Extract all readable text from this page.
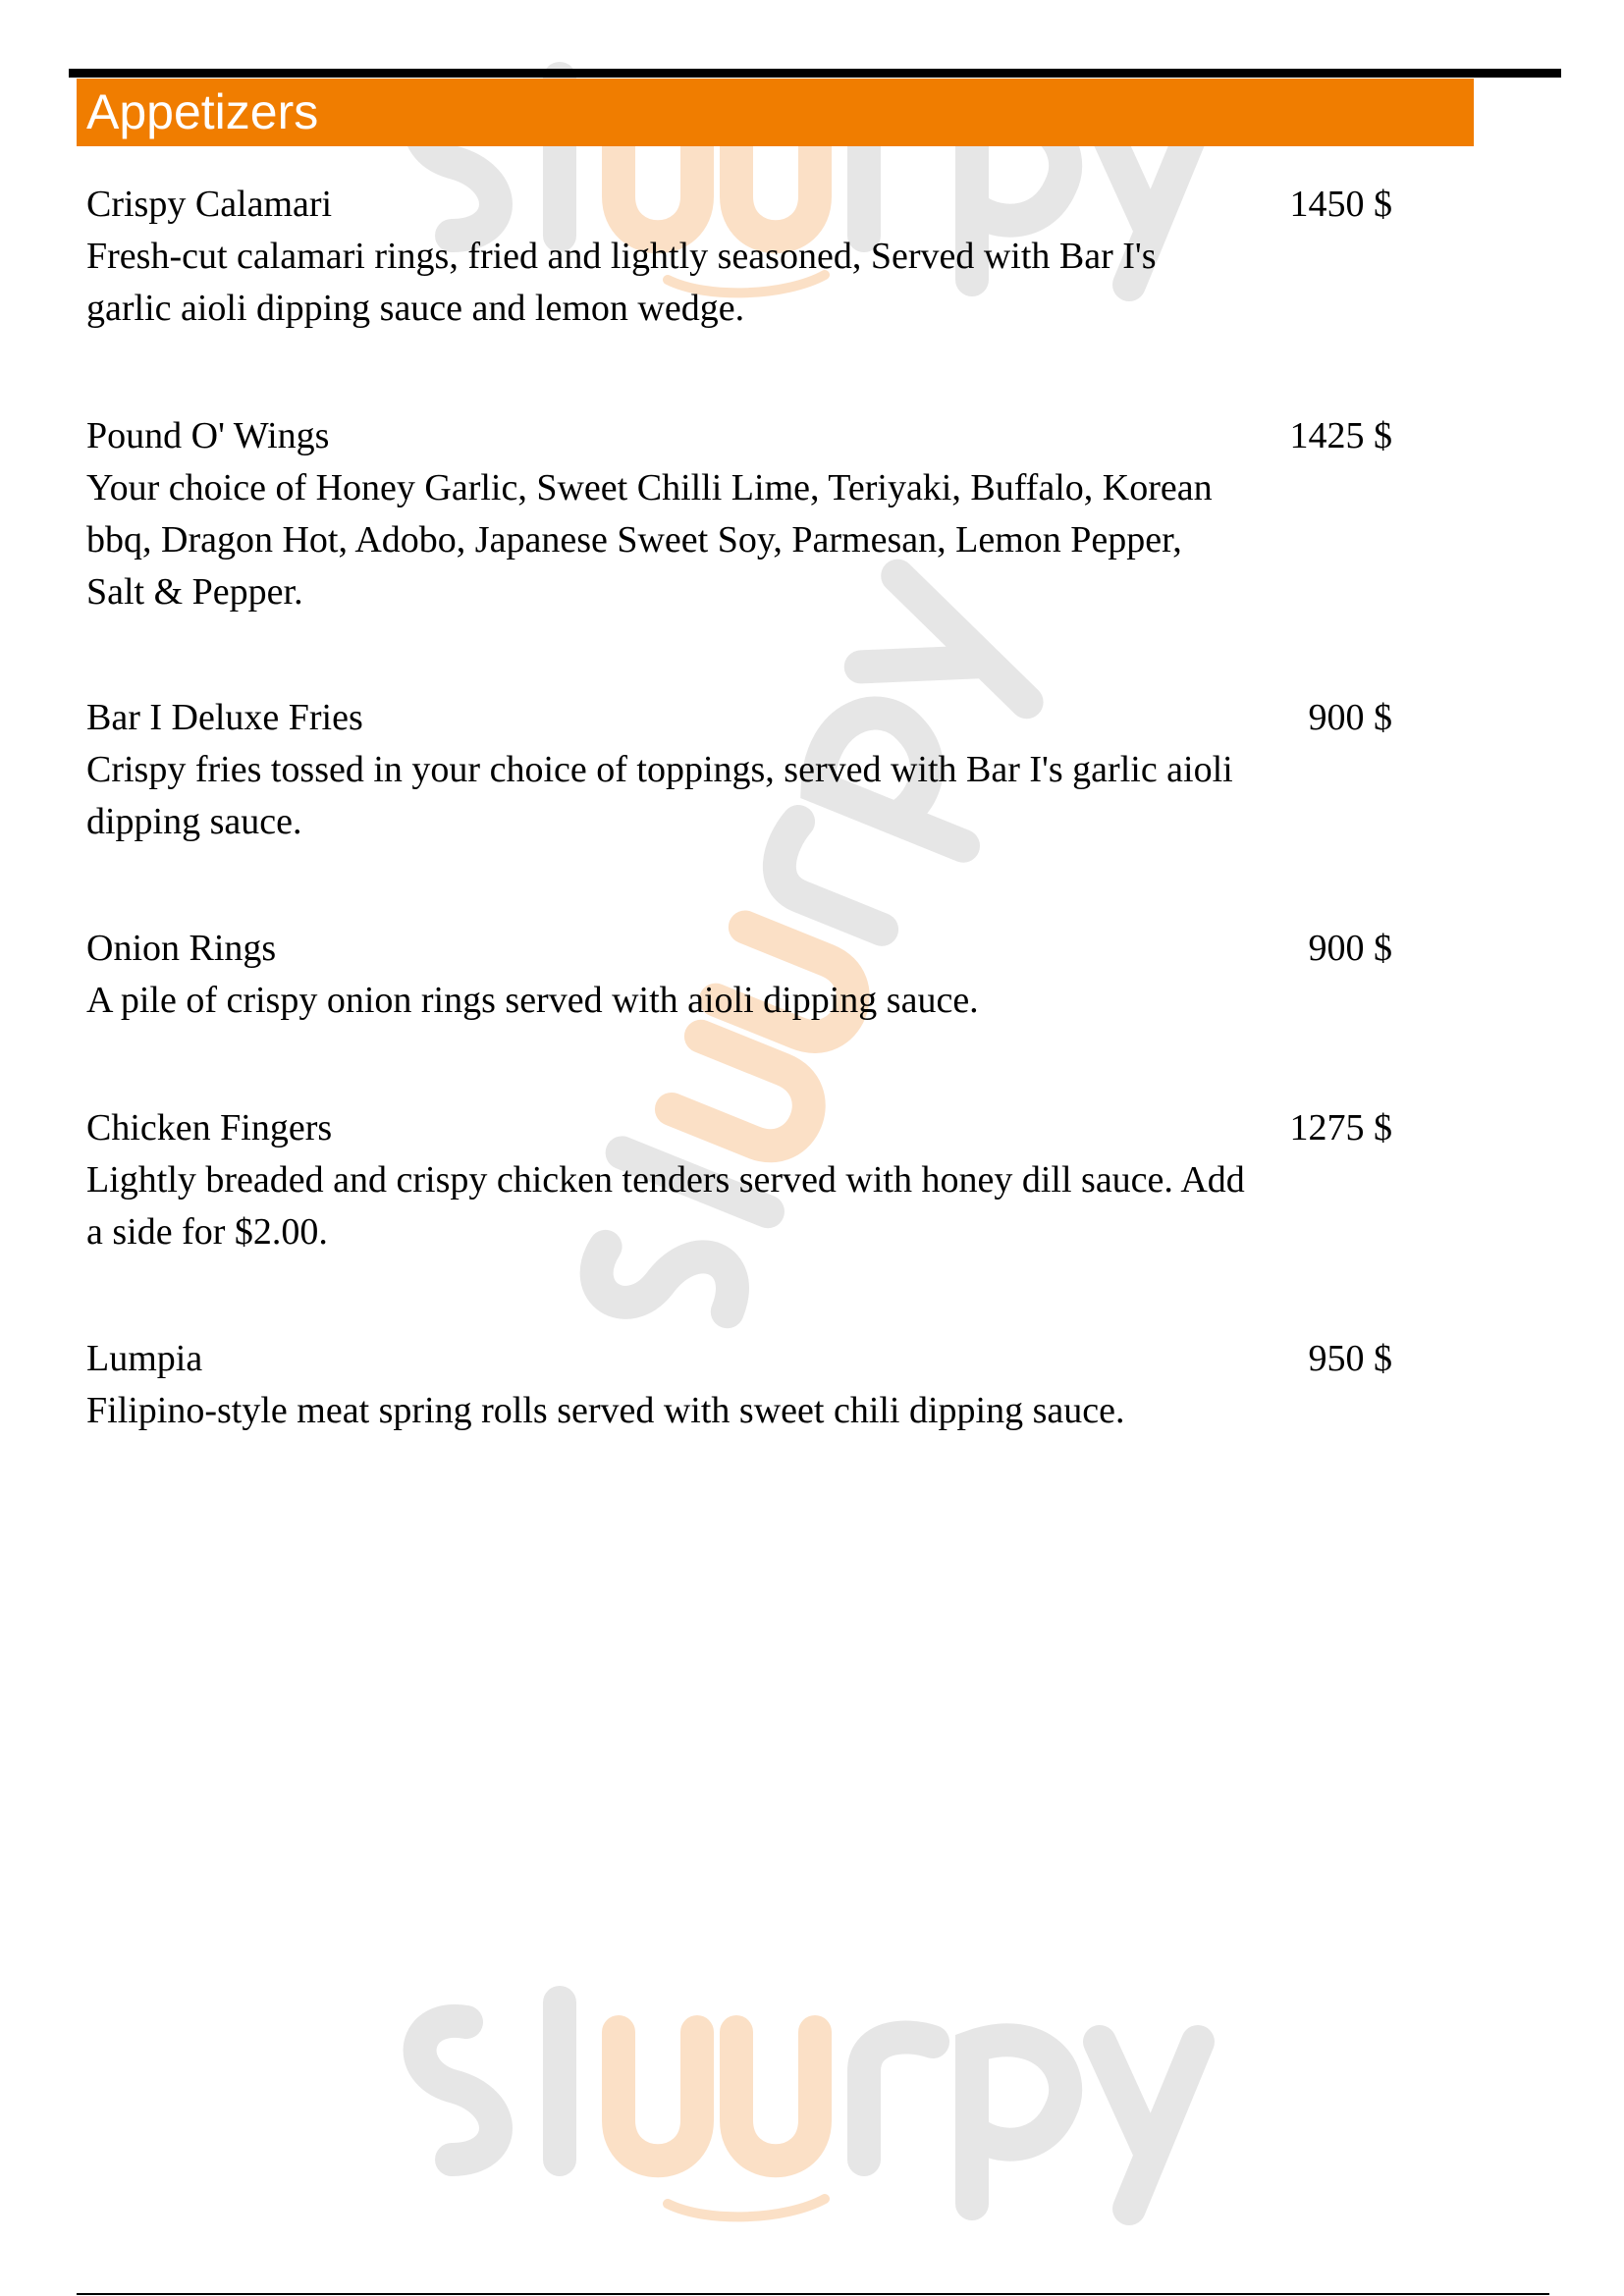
Appetizers
Crispy Calamari
Fresh-cut calamari rings, fried and lightly seasoned, Served with Bar I's garlic aioli dipping sauce and lemon wedge.
1450 $
Pound O' Wings
Your choice of Honey Garlic, Sweet Chilli Lime, Teriyaki, Buffalo, Korean bbq, Dragon Hot, Adobo, Japanese Sweet Soy, Parmesan, Lemon Pepper, Salt & Pepper.
1425 $
Bar I Deluxe Fries
Crispy fries tossed in your choice of toppings, served with Bar I's garlic aioli dipping sauce.
900 $
Onion Rings
A pile of crispy onion rings served with aioli dipping sauce.
900 $
Chicken Fingers
Lightly breaded and crispy chicken tenders served with honey dill sauce. Add a side for $2.00.
1275 $
Lumpia
Filipino-style meat spring rolls served with sweet chili dipping sauce.
950 $
